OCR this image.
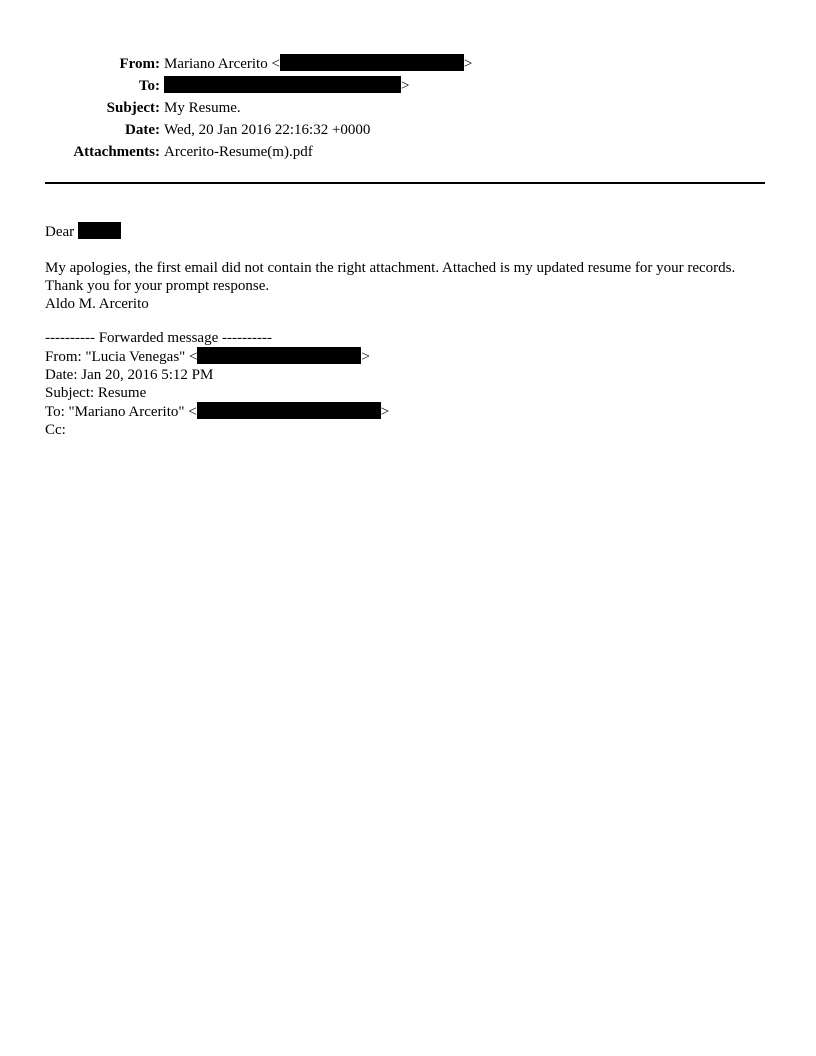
From: Mariano Arcerito <	>
To:	>
Subject: My Resume.
Date: Wed, 20 Jan 2016 22:16:32 +0000
Attachments: Arcerito-Resume(m).pdf
Dear
My apologies, the first email did not contain the right attachment. Attached is my updated resume for your records. Thank you for your prompt response.
Aldo M. Arcerito
---------- Forwarded message ----------
From: "Lucia Venegas" <	>
Date: Jan 20, 2016 5:12 PM
Subject: Resume
To: "Mariano Arcerito" <	>
Cc:
